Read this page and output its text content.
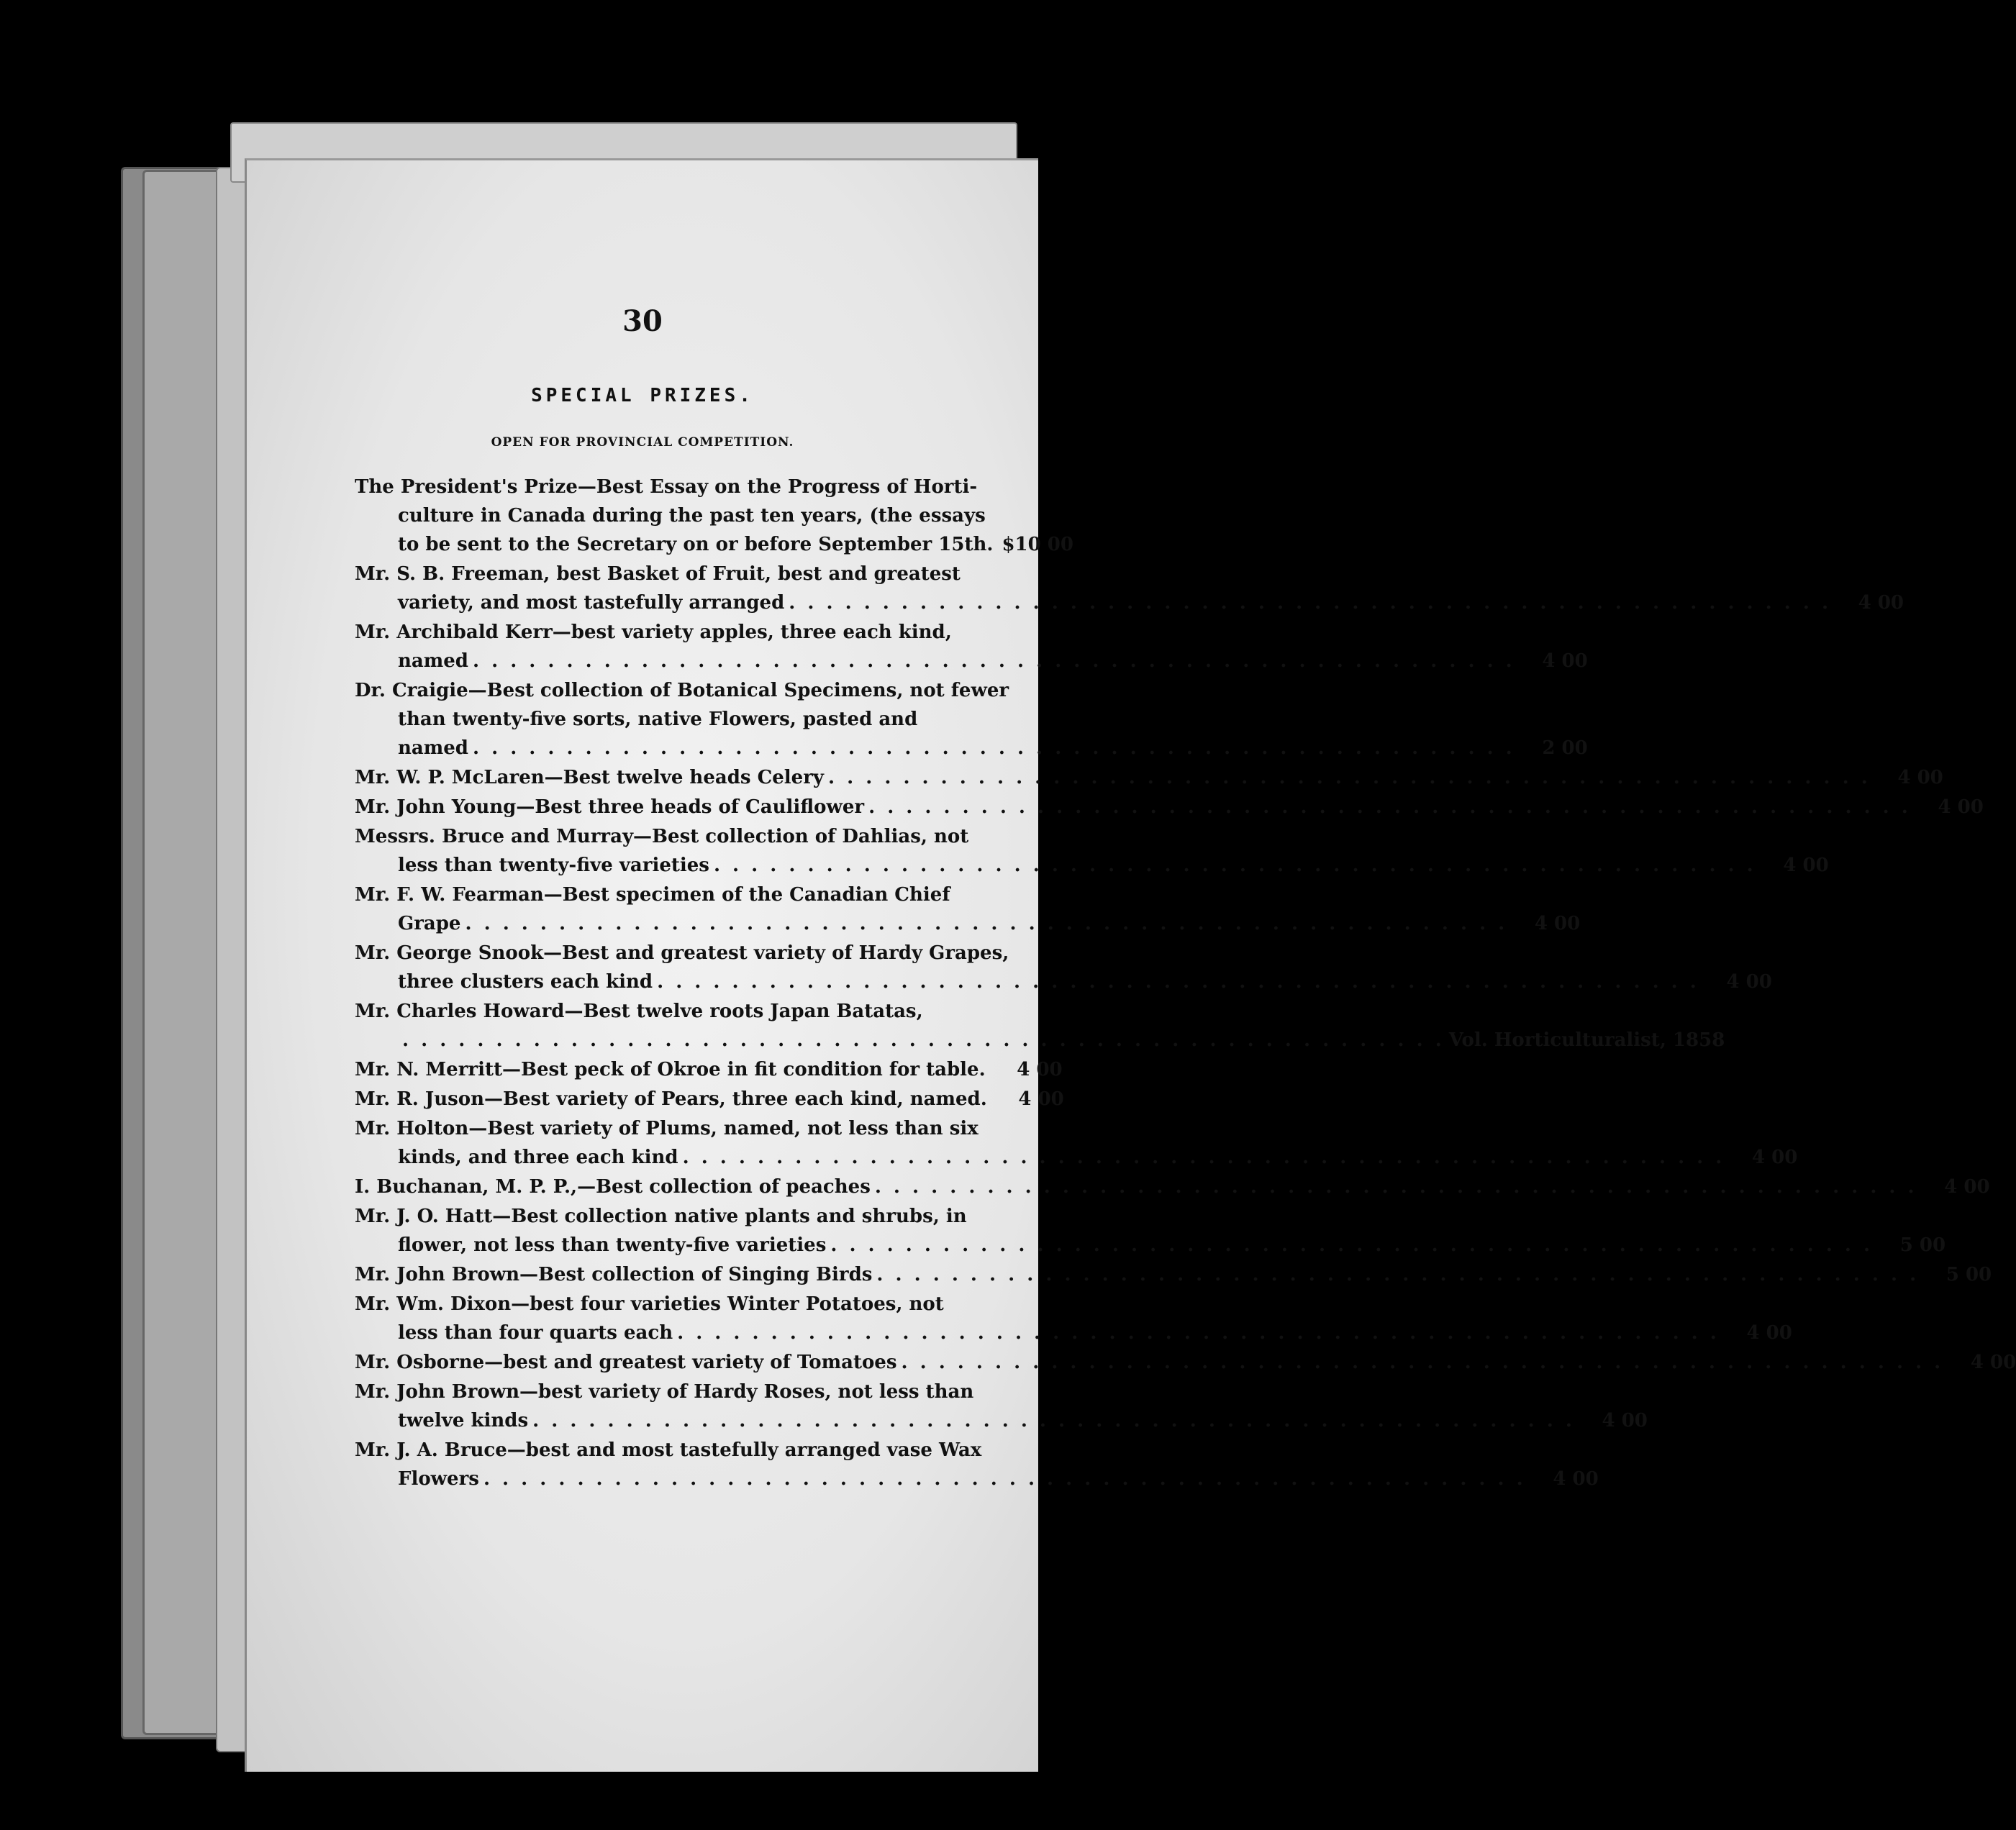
30
SPECIAL PRIZES.
OPEN FOR PROVINCIAL COMPETITION.
The President's Prize—Best Essay on the Progress of Horti-
culture in Canada during the past ten years, (the essays
to be sent to the Secretary on or before September 15th. $10 00
Mr. S. B. Freeman, best Basket of Fruit, best and greatest
variety, and most tastefully arranged . . . . . . . . . . . . . . . . . . . . . . . . . . . . . . . . . . . . . . . . . . . . . . . . . . . . . . . .	4 00
Mr. Archibald Kerr—best variety apples, three each kind,
named . . . . . . . . . . . . . . . . . . . . . . . . . . . . . . . . . . . . . . . . . . . . . . . . . . . . . . . .	4 00
Dr. Craigie—Best collection of Botanical Specimens, not fewer
than twenty-five sorts, native Flowers, pasted and
named . . . . . . . . . . . . . . . . . . . . . . . . . . . . . . . . . . . . . . . . . . . . . . . . . . . . . . . .	2 00
Mr. W. P. McLaren—Best twelve heads Celery . . . . . . . . . . . . . . . . . . . . . . . . . . . . . . . . . . . . . . . . . . . . . . . . . . . . . . . .	4 00
Mr. John Young—Best three heads of Cauliflower . . . . . . . . . . . . . . . . . . . . . . . . . . . . . . . . . . . . . . . . . . . . . . . . . . . . . . . .	4 00
Messrs. Bruce and Murray—Best collection of Dahlias, not
less than twenty-five varieties . . . . . . . . . . . . . . . . . . . . . . . . . . . . . . . . . . . . . . . . . . . . . . . . . . . . . . . .	4 00
Mr. F. W. Fearman—Best specimen of the Canadian Chief
Grape . . . . . . . . . . . . . . . . . . . . . . . . . . . . . . . . . . . . . . . . . . . . . . . . . . . . . . . .	4 00
Mr. George Snook—Best and greatest variety of Hardy Grapes,
three clusters each kind . . . . . . . . . . . . . . . . . . . . . . . . . . . . . . . . . . . . . . . . . . . . . . . . . . . . . . . .	4 00
Mr. Charles Howard—Best twelve roots Japan Batatas,
. . . . . . . . . . . . . . . . . . . . . . . . . . . . . . . . . . . . . . . . . . . . . . . . . . . . . . . . Vol. Horticulturalist, 1858
Mr. N. Merritt—Best peck of Okroe in fit condition for table.	4 00
Mr. R. Juson—Best variety of Pears, three each kind, named.	4 00
Mr. Holton—Best variety of Plums, named, not less than six
kinds, and three each kind . . . . . . . . . . . . . . . . . . . . . . . . . . . . . . . . . . . . . . . . . . . . . . . . . . . . . . . .	4 00
I. Buchanan, M. P. P.,—Best collection of peaches . . . . . . . . . . . . . . . . . . . . . . . . . . . . . . . . . . . . . . . . . . . . . . . . . . . . . . . .	4 00
Mr. J. O. Hatt—Best collection native plants and shrubs, in
flower, not less than twenty-five varieties . . . . . . . . . . . . . . . . . . . . . . . . . . . . . . . . . . . . . . . . . . . . . . . . . . . . . . . .	5 00
Mr. John Brown—Best collection of Singing Birds . . . . . . . . . . . . . . . . . . . . . . . . . . . . . . . . . . . . . . . . . . . . . . . . . . . . . . . .	5 00
Mr. Wm. Dixon—best four varieties Winter Potatoes, not
less than four quarts each . . . . . . . . . . . . . . . . . . . . . . . . . . . . . . . . . . . . . . . . . . . . . . . . . . . . . . . .	4 00
Mr. Osborne—best and greatest variety of Tomatoes . . . . . . . . . . . . . . . . . . . . . . . . . . . . . . . . . . . . . . . . . . . . . . . . . . . . . . . .	4 00
Mr. John Brown—best variety of Hardy Roses, not less than
twelve kinds . . . . . . . . . . . . . . . . . . . . . . . . . . . . . . . . . . . . . . . . . . . . . . . . . . . . . . . .	4 00
Mr. J. A. Bruce—best and most tastefully arranged vase Wax
Flowers . . . . . . . . . . . . . . . . . . . . . . . . . . . . . . . . . . . . . . . . . . . . . . . . . . . . . . . .	4 00
